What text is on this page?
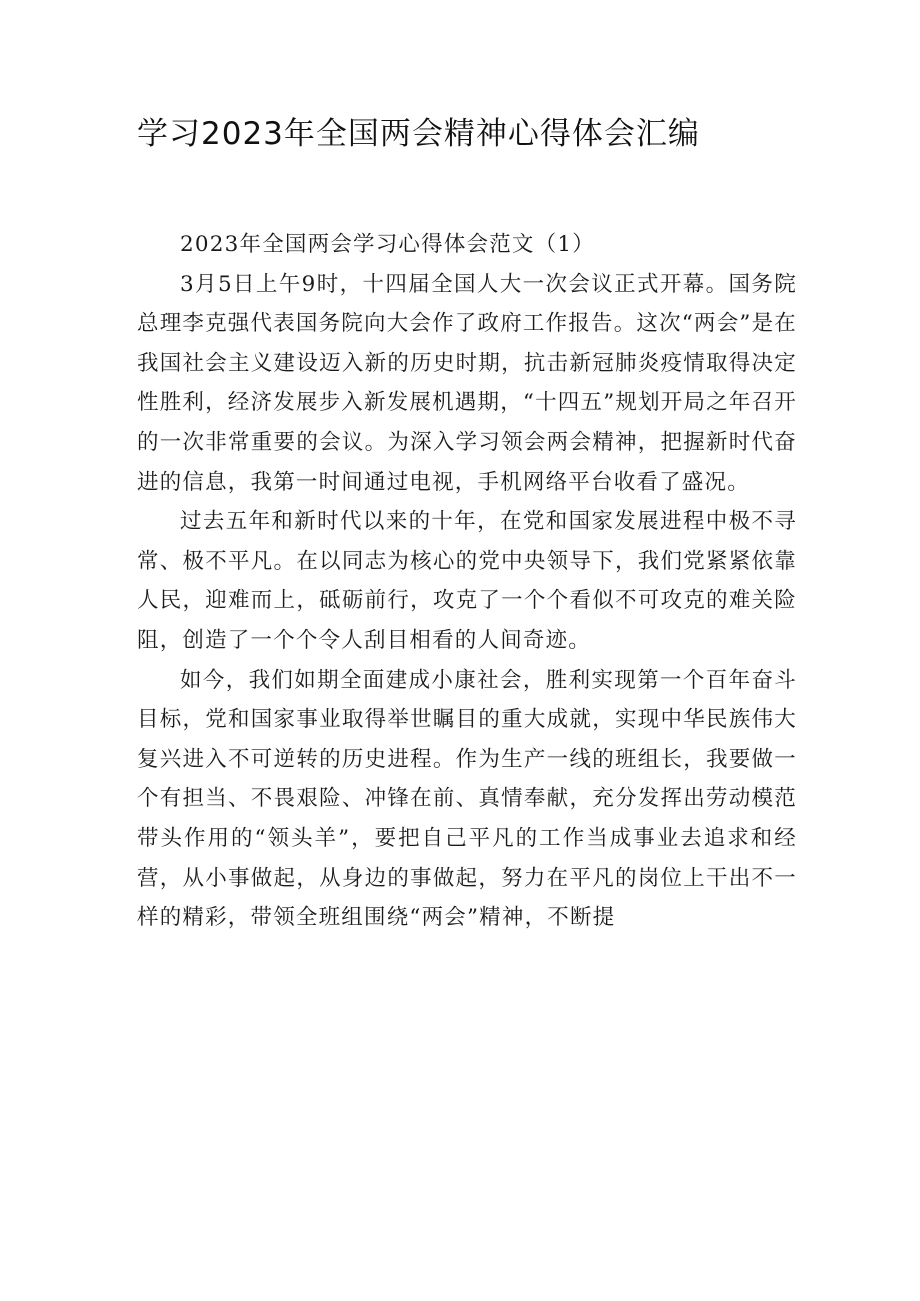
学习2023年全国两会精神心得体会汇编

2023年全国两会学习心得体会范文（1）

3月5日上午9时，十四届全国人大一次会议正式开幕。国务院总理李克强代表国务院向大会作了政府工作报告。这次“两会”是在我国社会主义建设迈入新的历史时期，抗击新冠肺炎疫情取得决定性胜利，经济发展步入新发展机遇期，“十四五”规划开局之年召开的一次非常重要的会议。为深入学习领会两会精神，把握新时代奋进的信息，我第一时间通过电视，手机网络平台收看了盛况。

过去五年和新时代以来的十年，在党和国家发展进程中极不寻常、极不平凡。在以同志为核心的党中央领导下，我们党紧紧依靠人民，迎难而上，砥砺前行，攻克了一个个看似不可攻克的难关险阻，创造了一个个令人刮目相看的人间奇迹。

如今，我们如期全面建成小康社会，胜利实现第一个百年奋斗目标，党和国家事业取得举世瞩目的重大成就，实现中华民族伟大复兴进入不可逆转的历史进程。作为生产一线的班组长，我要做一个有担当、不畏艰险、冲锋在前、真情奉献，充分发挥出劳动模范带头作用的“领头羊”，要把自己平凡的工作当成事业去追求和经营，从小事做起，从身边的事做起，努力在平凡的岗位上干出不一样的精彩，带领全班组围绕“两会”精神，不断提
